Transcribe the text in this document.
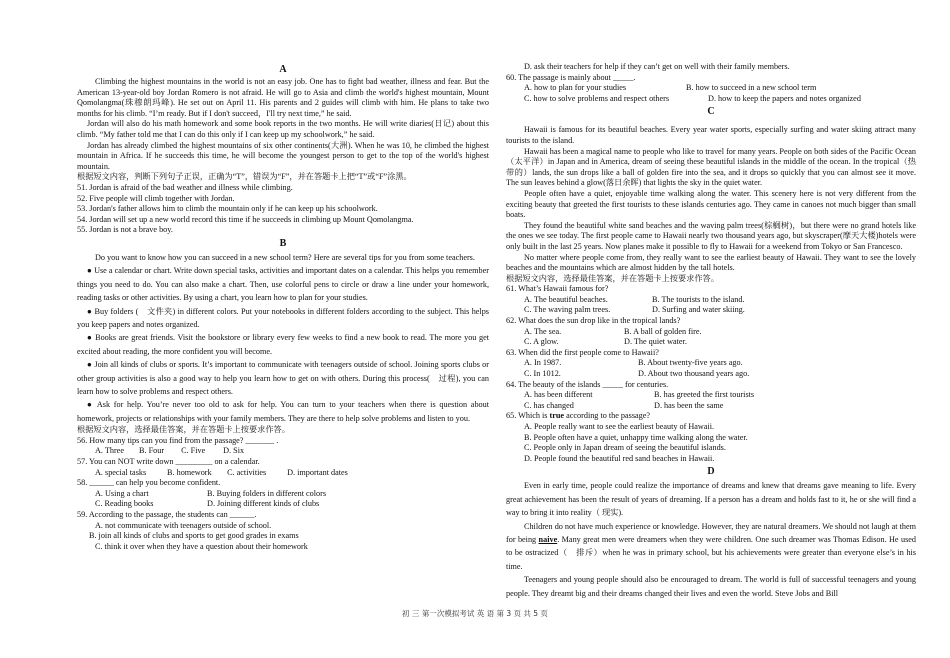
A

Climbing the highest mountains in the world is not an easy job. One has to fight bad weather, illness and fear. But the American 13-year-old boy Jordan Romero is not afraid. He will go to Asia and climb the world's highest mountain, Mount Qomolangma(珠穆朗玛峰). He set out on April 11. His parents and 2 guides will climb with him. He plans to take two months for his climb. “I’m ready. But if I don't succeed，I'll try next time,” he said.

Jordan will also do his math homework and some book reports in the two months. He will write diaries(日记) about this climb. “My father told me that I can do this only if I can keep up my schoolwork,” he said.

Jordan has already climbed the highest mountains of six other continents(大洲). When he was 10, he climbed the highest mountain in Africa. If he succeeds this time, he will become the youngest person to get to the top of the world's highest mountain.

根据短文内容，判断下列句子正误，正确为“T”，错误为“F”，并在答题卡上把“T”或“F”涂黑。

51. Jordan is afraid of the bad weather and illness while climbing.

52. Five people will climb together with Jordan.

53. Jordan's father allows him to climb the mountain only if he can keep up his schoolwork.

54. Jordan will set up a new world record this time if he succeeds in climbing up Mount Qomolangma.

55. Jordan is not a brave boy.

B

Do you want to know how you can succeed in a new school term? Here are several tips for you from some teachers.

● Use a calendar or chart. Write down special tasks, activities and important dates on a calendar. This helps you remember things you need to do. You can also make a chart. Then, use colorful pens to circle or draw a line under your homework, reading tasks or other activities. By using a chart, you learn how to plan for your studies.

● Buy folders (　文件夹) in different colors. Put your notebooks in different folders according to the subject. This helps you keep papers and notes organized.

● Books are great friends. Visit the bookstore or library every few weeks to find a new book to read. The more you get excited about reading, the more confident you will become.

● Join all kinds of clubs or sports. It’s important to communicate with teenagers outside of school. Joining sports clubs or other group activities is also a good way to help you learn how to get on with others. During this process(　过程), you can learn how to solve problems and respect others.

● Ask for help. You’re never too old to ask for help. You can turn to your teachers when there is question about homework, projects or relationships with your family members. They are there to help solve problems and listen to you.

根据短文内容，选择最佳答案，并在答题卡上按要求作答。

56. How many tips can you find from the passage? _______ .

A. Three B. Four C. Five D. Six

57. You can NOT write down _________ on a calendar.

A. special tasks	B. homework C. activities	D. important dates

58. ______ can help you become confident.

A. Using a chart	B. Buying folders in different colors

C. Reading books	D. Joining different kinds of clubs

59. According to the passage, the students can ______.

A. not communicate with teenagers outside of school.

B. join all kinds of clubs and sports to get good grades in exams

C. think it over when they have a question about their homework

D. ask their teachers for help if they can’t get on well with their family members.

60. The passage is mainly about _____.

A. how to plan for your studies	B. how to succeed in a new school term

C. how to solve problems and respect others	D. how to keep the papers and notes organized

C

Hawaii is famous for its beautiful beaches. Every year water sports, especially surfing and water skiing attract many tourists to the island.

Hawaii has been a magical name to people who like to travel for many years. People on both sides of the Pacific Ocean（太平洋）in Japan and in America, dream of seeing these beautiful islands in the middle of the ocean. In the tropical（热带的）lands, the sun drops like a ball of golden fire into the sea, and it drops so quickly that you can almost see it move. The sun leaves behind a glow(落日余晖) that lights the sky in the quiet water.

People often have a quiet, enjoyable time walking along the water. This scenery here is not very different from the exciting beauty that greeted the first tourists to these islands centuries ago. They came in canoes not much bigger than small boats.

They found the beautiful white sand beaches and the waving palm trees(棕榈树)，but there were no grand hotels like the ones we see today. The first people came to Hawaii nearly two thousand years ago, but skyscraper(摩天大楼)hotels were only built in the last 25 years. Now planes make it possible to fly to Hawaii for a weekend from Tokyo or San Francesco.

No matter where people come from, they really want to see the earliest beauty of Hawaii. They want to see the lovely beaches and the mountains which are almost hidden by the tall hotels.

根据短文内容，选择最佳答案，并在答题卡上按要求作答。

61. What’s Hawaii famous for?

A. The beautiful beaches.	B. The tourists to the island.

C. The waving palm trees.	D. Surfing and water skiing.

62. What does the sun drop like in the tropical lands?

A. The sea.	B. A ball of golden fire.

C. A glow.	D. The quiet water.

63. When did the first people come to Hawaii?

A. In 1987.	B. About twenty-five years ago.

C. In 1012.	D. About two thousand years ago.

64. The beauty of the islands _____ for centuries.

A. has been different	B. has greeted the first tourists

C. has changed	D. has been the same

65. Which is true according to the passage?

A. People really want to see the earliest beauty of Hawaii.

B. People often have a quiet, unhappy time walking along the water.

C. People only in Japan dream of seeing the beautiful islands.

D. People found the beautiful red sand beaches in Hawaii.

D

Even in early time, people could realize the importance of dreams and knew that dreams gave meaning to life. Every great achievement has been the result of years of dreaming. If a person has a dream and holds fast to it, he or she will find a way to bring it into reality（ 现实).

Children do not have much experience or knowledge. However, they are natural dreamers. We should not laugh at them for being naive. Many great men were dreamers when they were children. One such dreamer was Thomas Edison. He used to be ostracized（　排斥）when he was in primary school, but his achievements were greater than everyone else’s in his time.

Teenagers and young people should also be encouraged to dream. The world is full of successful teenagers and young people. They dreamt big and their dreams changed their lives and even the world. Steve Jobs and Bill

初 三 第一次模拟考试 英 语 第 3 页 共 5 页
